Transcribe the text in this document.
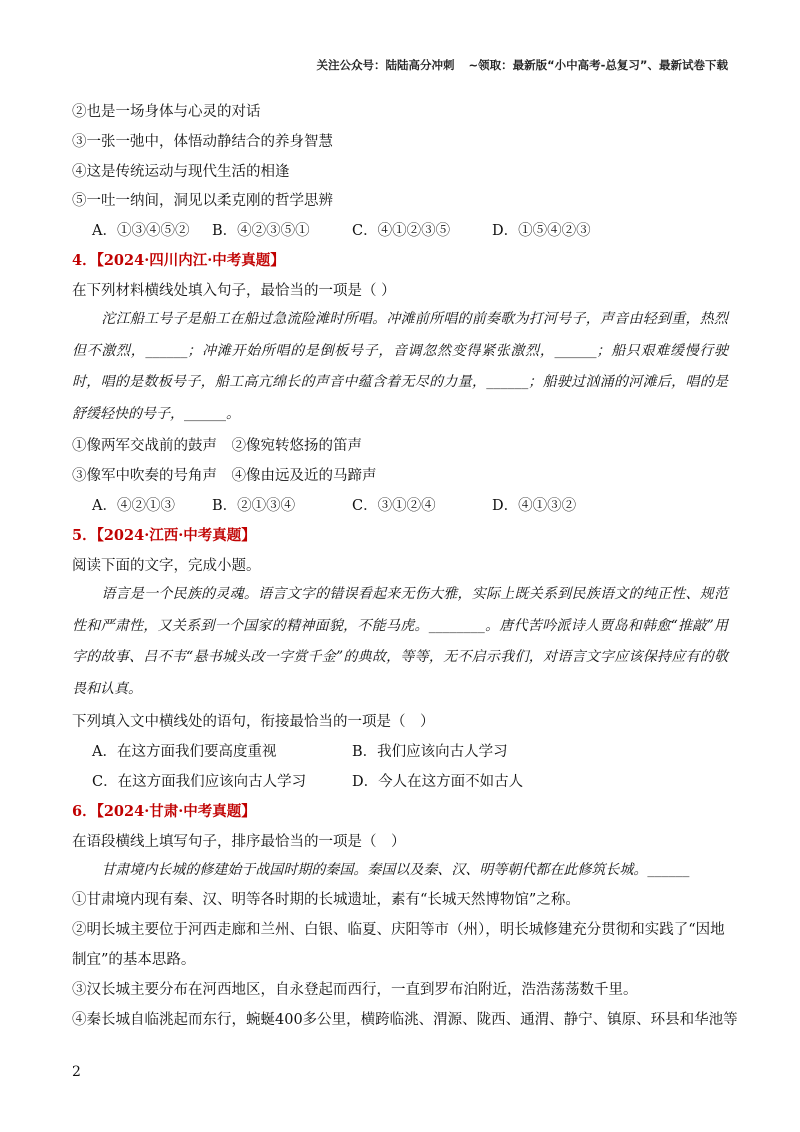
关注公众号：陆陆高分冲刺 ~领取：最新版“小中高考-总复习”、最新试卷下载
②也是一场身体与心灵的对话
③一张一弛中，体悟动静结合的养身智慧
④这是传统运动与现代生活的相逢
⑤一吐一纳间，洞见以柔克刚的哲学思辨
A．①③④⑤② B．④②③⑤①	C．④①②③⑤	D．①⑤④②③
4．【2024·四川内江·中考真题】
在下列材料横线处填入句子，最恰当的一项是（ ）
沱江船工号子是船工在船过急流险滩时所唱。冲滩前所唱的前奏歌为打河号子，声音由轻到重，热烈但不激烈，______；冲滩开始所唱的是倒板号子，音调忽然变得紧张激烈，______；船只艰难缓慢行驶时，唱的是数板号子，船工高亢绵长的声音中蕴含着无尽的力量，______；船驶过汹涌的河滩后，唱的是舒缓轻快的号子，______。
①像两军交战前的鼓声　②像宛转悠扬的笛声
③像军中吹奏的号角声　④像由远及近的马蹄声
A．④②①③	B．②①③④	C．③①②④	D．④①③②
5．【2024·江西·中考真题】
阅读下面的文字，完成小题。
语言是一个民族的灵魂。语言文字的错误看起来无伤大雅，实际上既关系到民族语文的纯正性、规范性和严肃性，又关系到一个国家的精神面貌，不能马虎。________。唐代苦吟派诗人贾岛和韩愈“推敲”用字的故事、吕不韦“悬书城头改一字赏千金”的典故，等等，无不启示我们，对语言文字应该保持应有的敬畏和认真。
下列填入文中横线处的语句，衔接最恰当的一项是（　）
A．在这方面我们要高度重视	B．我们应该向古人学习
C．在这方面我们应该向古人学习	D．今人在这方面不如古人
6．【2024·甘肃·中考真题】
在语段横线上填写句子，排序最恰当的一项是（　）
甘肃境内长城的修建始于战国时期的秦国。秦国以及秦、汉、明等朝代都在此修筑长城。______
①甘肃境内现有秦、汉、明等各时期的长城遗址，素有“长城天然博物馆”之称。
②明长城主要位于河西走廊和兰州、白银、临夏、庆阳等市（州），明长城修建充分贯彻和实践了“因地
制宜”的基本思路。
③汉长城主要分布在河西地区，自永登起而西行，一直到罗布泊附近，浩浩荡荡数千里。
④秦长城自临洮起而东行，蜿蜒400多公里，横跨临洮、渭源、陇西、通渭、静宁、镇原、环县和华池等
2
